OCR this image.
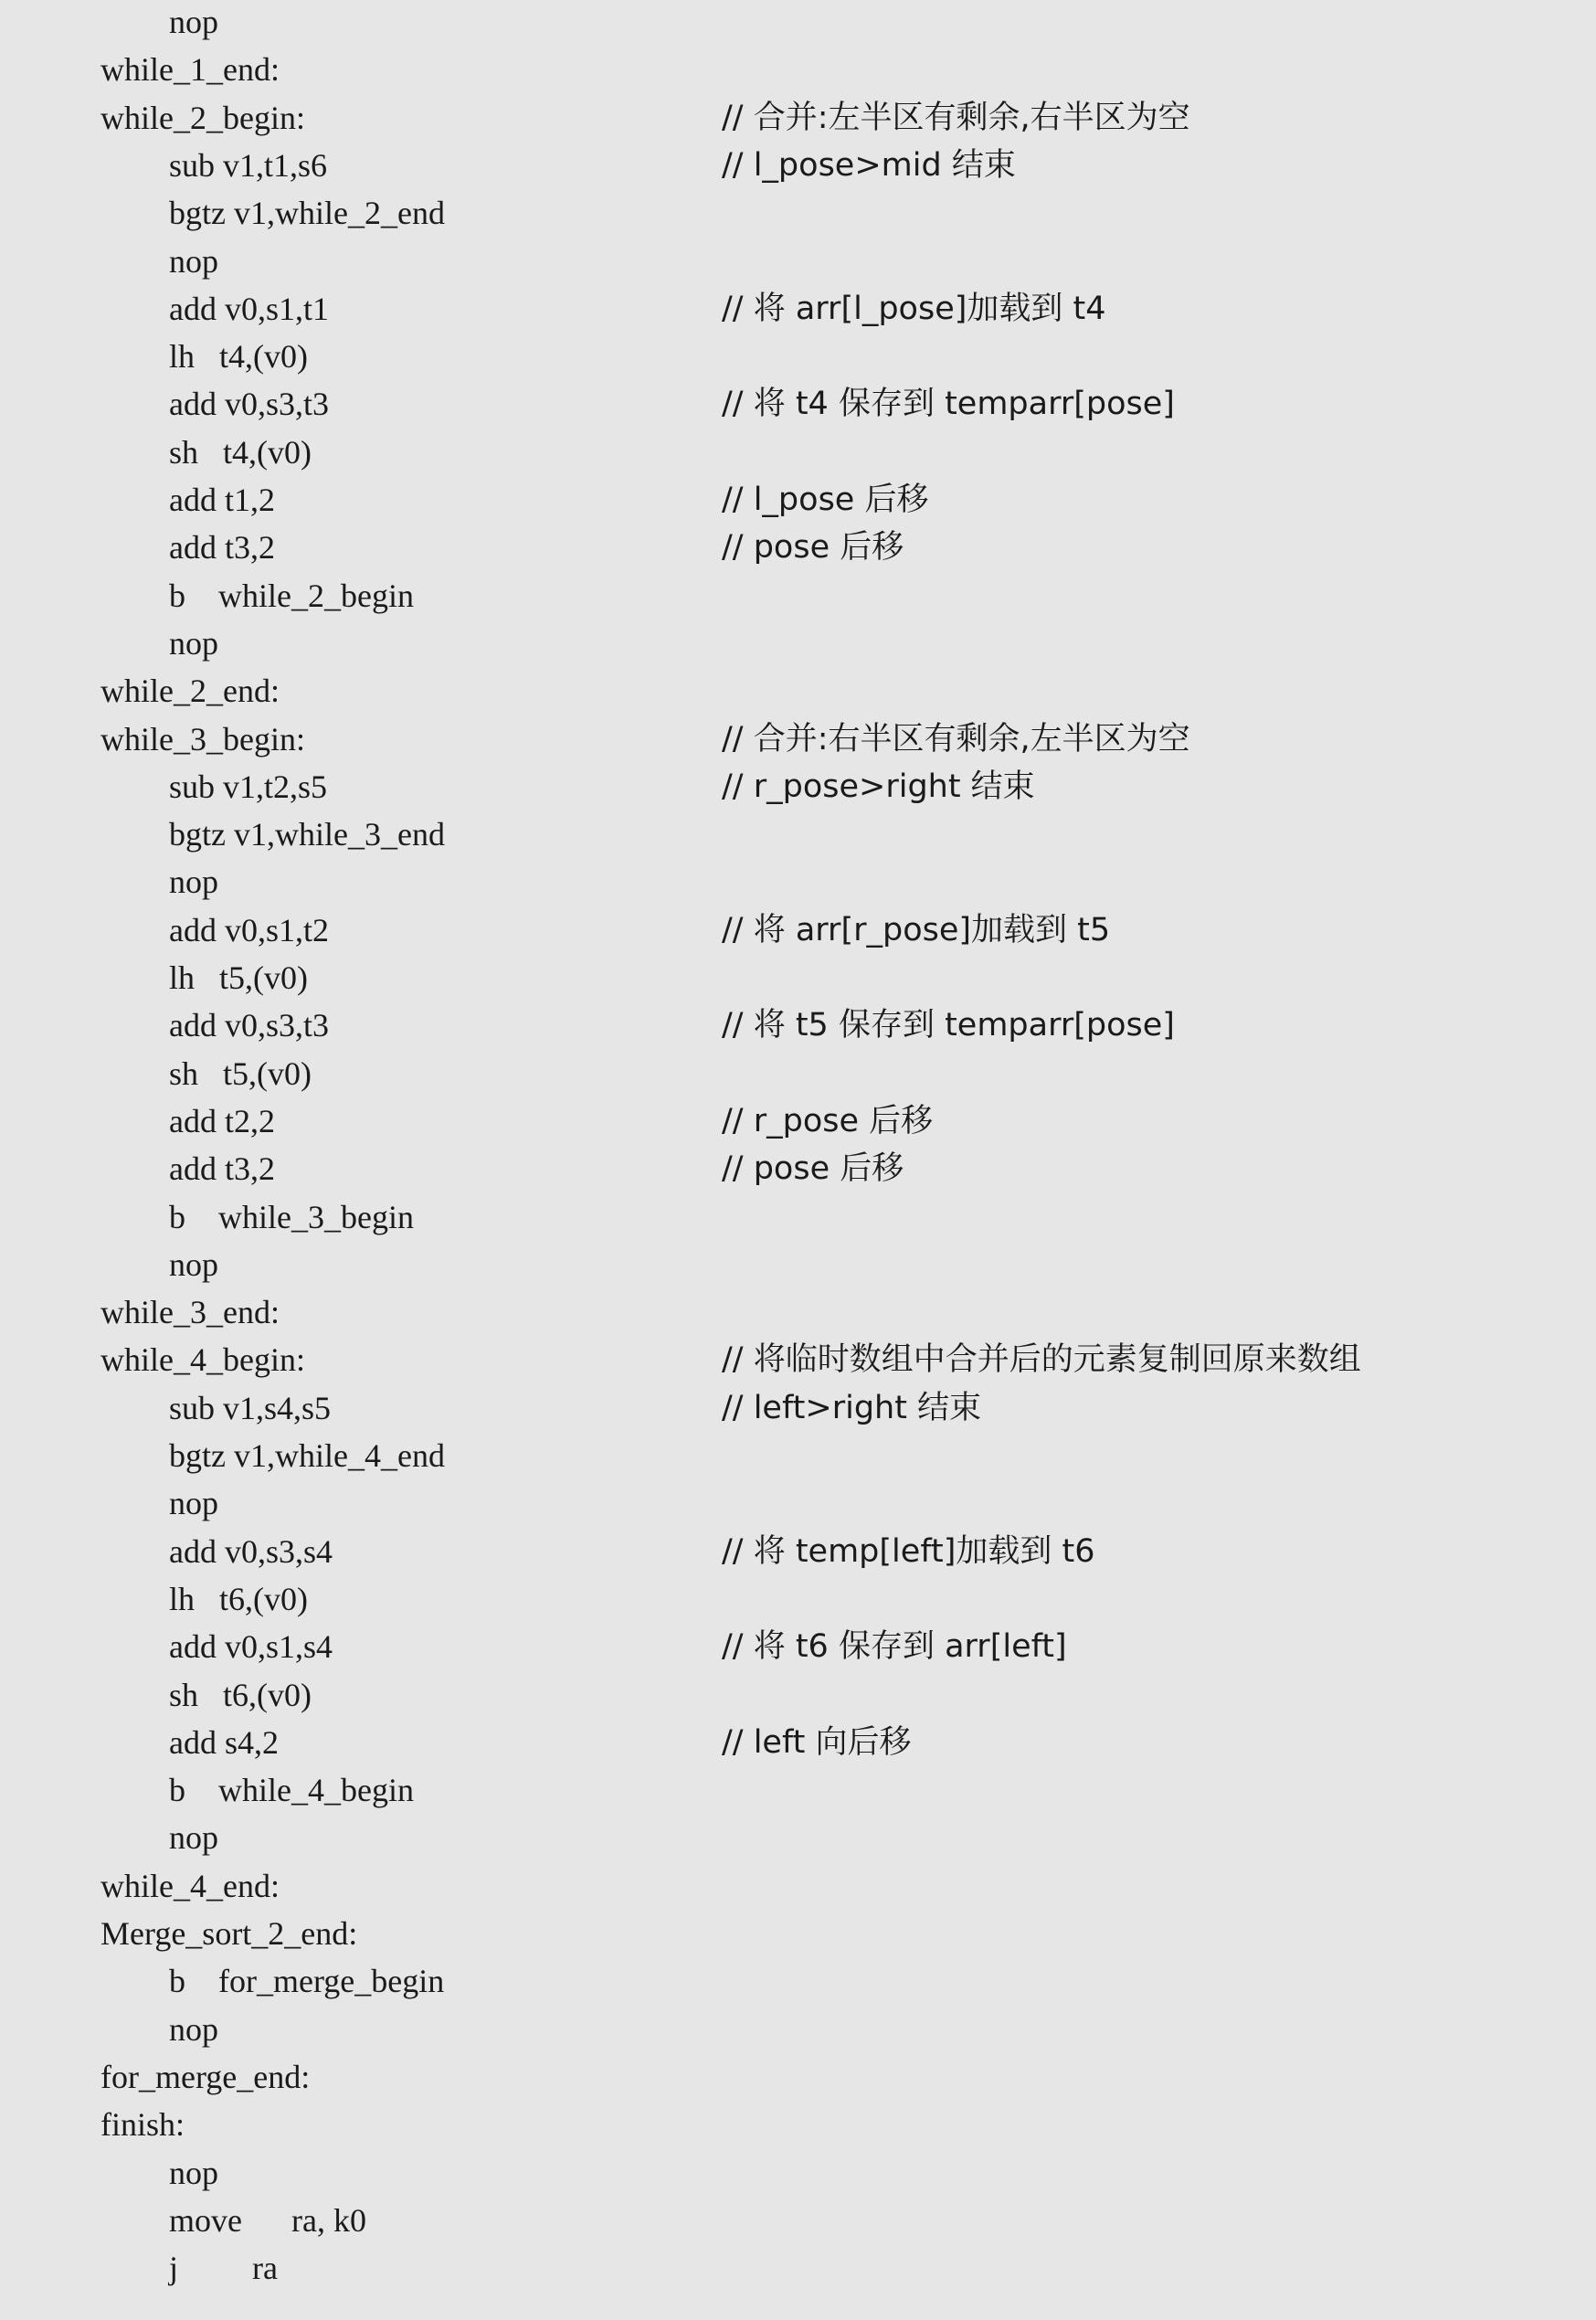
nop
while_1_end:
while_2_begin:	// 合并:左半区有剩余,右半区为空
sub v1,t1,s6	// l_pose>mid 结束
bgtz v1,while_2_end
nop
add v0,s1,t1	// 将 arr[l_pose]加载到 t4
lh   t4,(v0)
add v0,s3,t3	// 将 t4 保存到 temparr[pose]
sh   t4,(v0)
add t1,2	// l_pose 后移
add t3,2	// pose 后移
b    while_2_begin
nop
while_2_end:
while_3_begin:	// 合并:右半区有剩余,左半区为空
sub v1,t2,s5	// r_pose>right 结束
bgtz v1,while_3_end
nop
add v0,s1,t2	// 将 arr[r_pose]加载到 t5
lh   t5,(v0)
add v0,s3,t3	// 将 t5 保存到 temparr[pose]
sh   t5,(v0)
add t2,2	// r_pose 后移
add t3,2	// pose 后移
b    while_3_begin
nop
while_3_end:
while_4_begin:	// 将临时数组中合并后的元素复制回原来数组
sub v1,s4,s5	// left>right 结束
bgtz v1,while_4_end
nop
add v0,s3,s4	// 将 temp[left]加载到 t6
lh   t6,(v0)
add v0,s1,s4	// 将 t6 保存到 arr[left]
sh   t6,(v0)
add s4,2	// left 向后移
b    while_4_begin
nop
while_4_end:
Merge_sort_2_end:
b    for_merge_begin
nop
for_merge_end:
finish:
nop
move      ra, k0
j         ra
